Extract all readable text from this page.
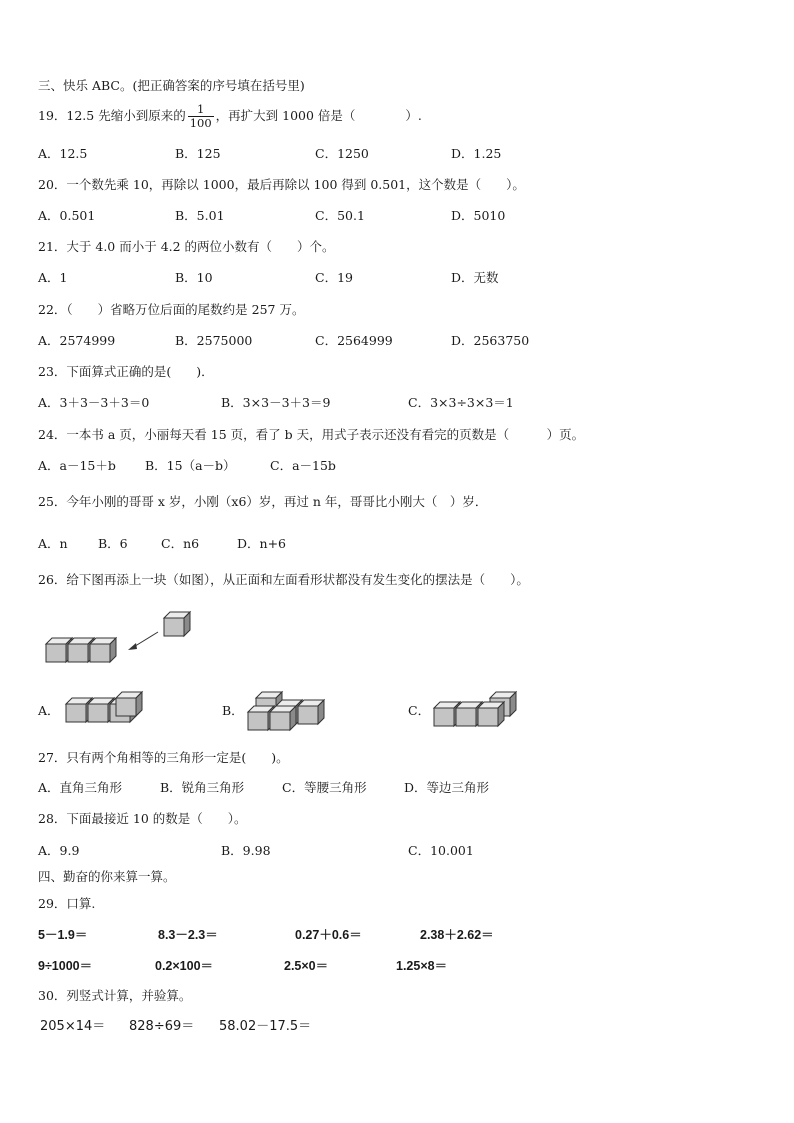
三、快乐 ABC。(把正确答案的序号填在括号里)
19．12.5 先缩小到原来的 $\frac{1}{100}$ ，再扩大到 1000 倍是（　　　　）.
A．12.5	B．125	C．1250	D．1.25
20．一个数先乘 10，再除以 1000，最后再除以 100 得到 0.501，这个数是（　　）。
A．0.501	B．5.01	C．50.1	D．5010
21．大于 4.0 而小于 4.2 的两位小数有（　　）个。
A．1	B．10	C．19	D．无数
22．（　　）省略万位后面的尾数约是 257 万。
A．2574999	B．2575000	C．2564999	D．2563750
23．下面算式正确的是(　　)．
A．3＋3－3＋3＝0	B．3×3－3＋3＝9	C．3×3÷3×3＝1
24．一本书 a 页，小丽每天看 15 页，看了 b 天，用式子表示还没有看完的页数是（　　　）页。
A．a－15＋b B．15（a－b）	C．a－15b
25．今年小刚的哥哥 x 岁，小刚（x6）岁，再过 n 年，哥哥比小刚大（　）岁．
A．n B．6	C．n6	D．n+6
26．给下图再添上一块（如图），从正面和左面看形状都没有发生变化的摆法是（　　）。
A．	B．	C．
27．只有两个角相等的三角形一定是(　　)。
A．直角三角形	B．锐角三角形	C．等腰三角形	D．等边三角形
28．下面最接近 10 的数是（　　）。
A．9.9	B．9.98	C．10.001
四、勤奋的你来算一算。
29．口算.
5－1.9＝	8.3－2.3＝	0.27＋0.6＝	2.38＋2.62＝
9÷1000＝	0.2×100＝	2.5×0＝	1.25×8＝
30．列竖式计算，并验算。
205×14＝ 828÷69＝ 58.02－17.5＝
